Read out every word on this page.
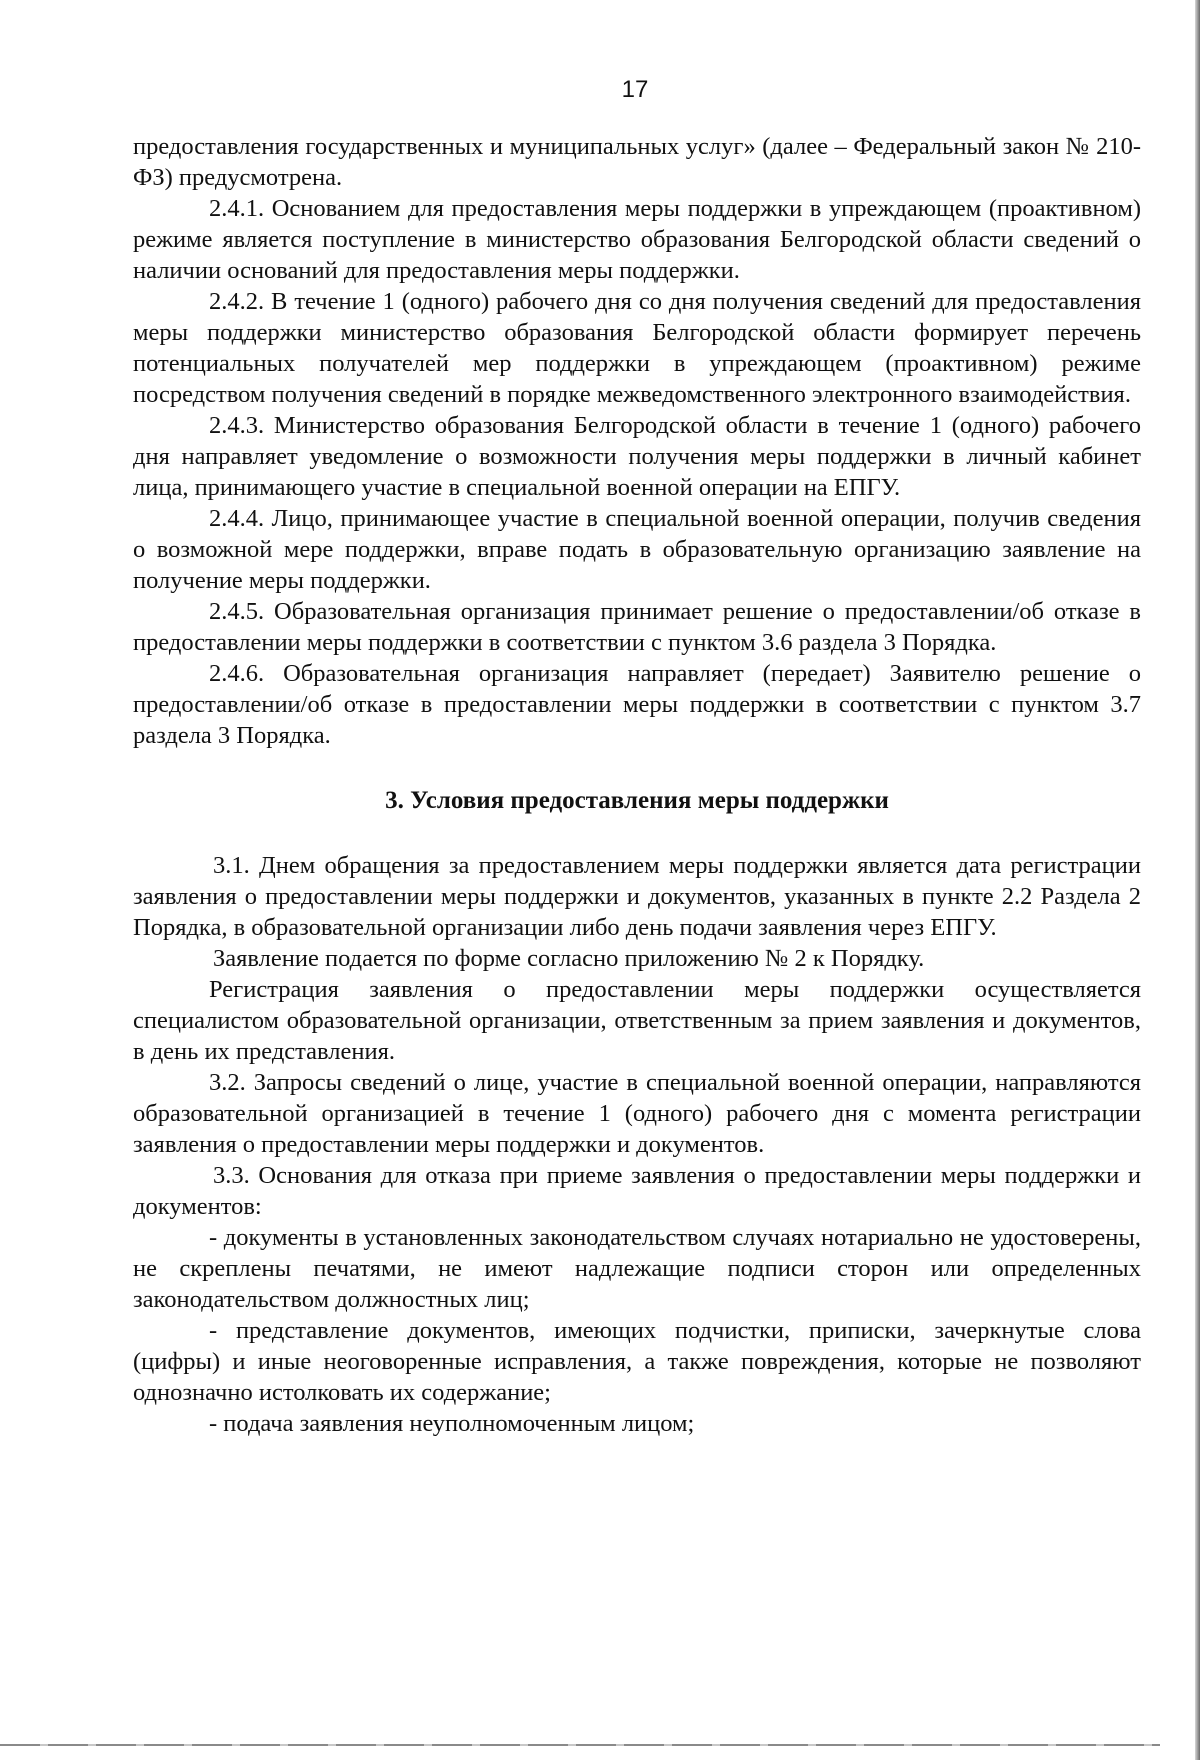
17

предоставления государственных и муниципальных услуг» (далее – Федеральный закон № 210-ФЗ) предусмотрена.

2.4.1. Основанием для предоставления меры поддержки в упреждающем (проактивном) режиме является поступление в министерство образования Белгородской области сведений о наличии оснований для предоставления меры поддержки.

2.4.2. В течение 1 (одного) рабочего дня со дня получения сведений для предоставления меры поддержки министерство образования Белгородской области формирует перечень потенциальных получателей мер поддержки в упреждающем (проактивном) режиме посредством получения сведений в порядке межведомственного электронного взаимодействия.

2.4.3. Министерство образования Белгородской области в течение 1 (одного) рабочего дня направляет уведомление о возможности получения меры поддержки в личный кабинет лица, принимающего участие в специальной военной операции на ЕПГУ.

2.4.4. Лицо, принимающее участие в специальной военной операции, получив сведения о возможной мере поддержки, вправе подать в образовательную организацию заявление на получение меры поддержки.

2.4.5. Образовательная организация принимает решение о предоставлении/об отказе в предоставлении меры поддержки в соответствии с пунктом 3.6 раздела 3 Порядка.

2.4.6. Образовательная организация направляет (передает) Заявителю решение о предоставлении/об отказе в предоставлении меры поддержки в соответствии с пунктом 3.7 раздела 3 Порядка.

3. Условия предоставления меры поддержки

3.1. Днем обращения за предоставлением меры поддержки является дата регистрации заявления о предоставлении меры поддержки и документов, указанных в пункте 2.2 Раздела 2 Порядка, в образовательной организации либо день подачи заявления через ЕПГУ.

Заявление подается по форме согласно приложению № 2 к Порядку.

Регистрация заявления о предоставлении меры поддержки осуществляется специалистом образовательной организации, ответственным за прием заявления и документов, в день их представления.

3.2. Запросы сведений о лице, участие в специальной военной операции, направляются образовательной организацией в течение 1 (одного) рабочего дня с момента регистрации заявления о предоставлении меры поддержки и документов.

3.3. Основания для отказа при приеме заявления о предоставлении меры поддержки и документов:

- документы в установленных законодательством случаях нотариально не удостоверены, не скреплены печатями, не имеют надлежащие подписи сторон или определенных законодательством должностных лиц;

- представление документов, имеющих подчистки, приписки, зачеркнутые слова (цифры) и иные неоговоренные исправления, а также повреждения, которые не позволяют однозначно истолковать их содержание;

- подача заявления неуполномоченным лицом;
